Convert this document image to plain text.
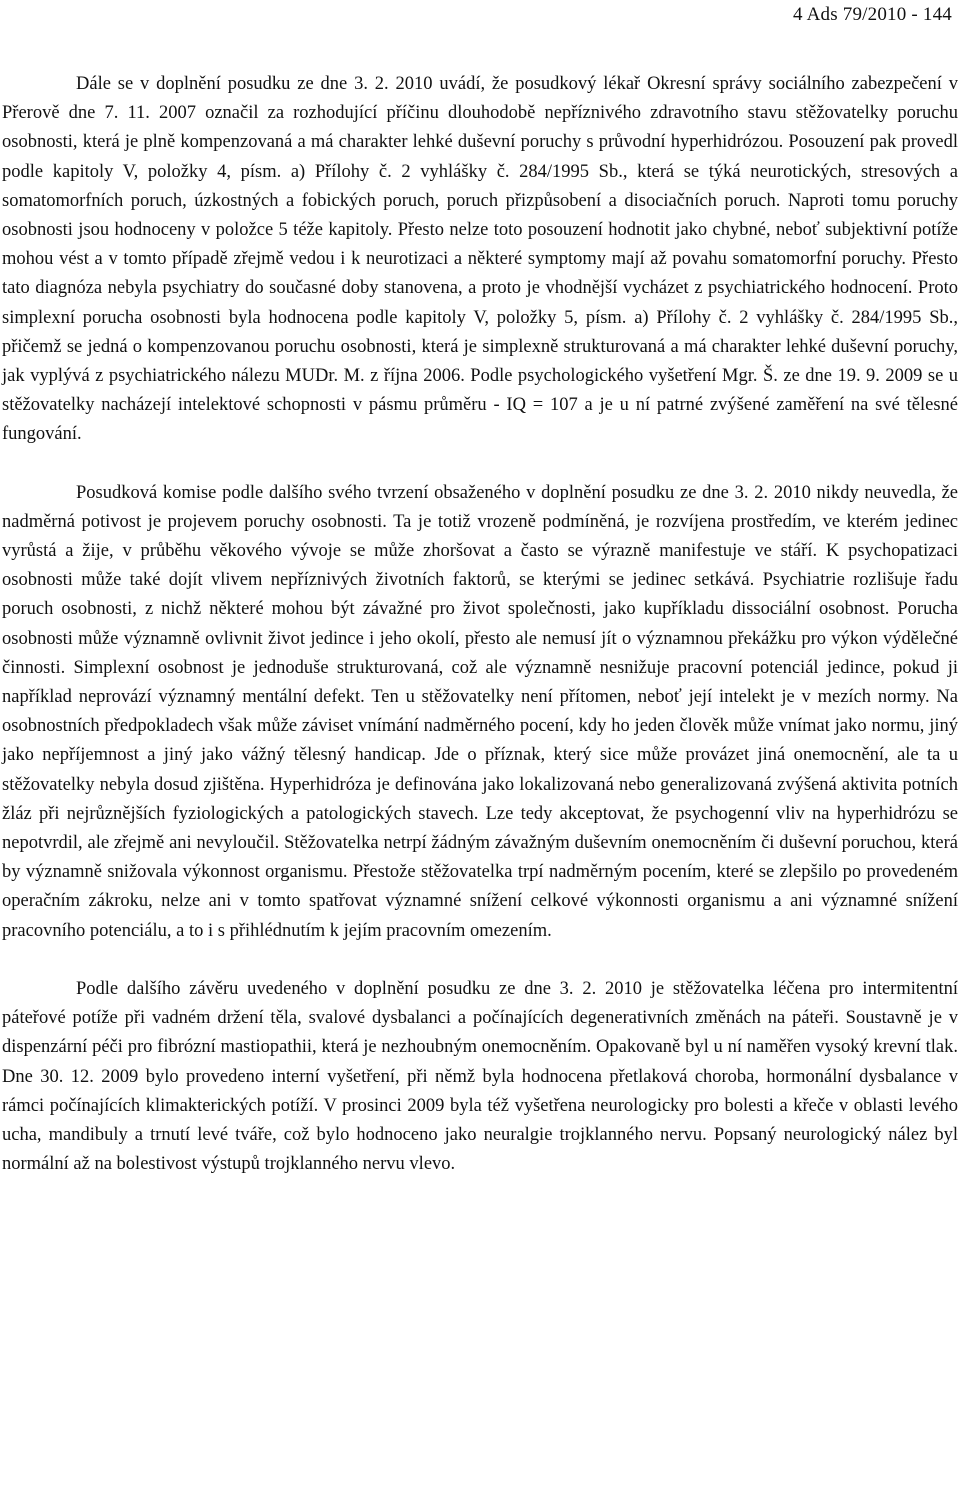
4 Ads 79/2010 - 144

Dále se v doplnění posudku ze dne 3. 2. 2010 uvádí, že posudkový lékař Okresní správy sociálního zabezpečení v Přerově dne 7. 11. 2007 označil za rozhodující příčinu dlouhodobě nepříznivého zdravotního stavu stěžovatelky poruchu osobnosti, která je plně kompenzovaná a má charakter lehké duševní poruchy s průvodní hyperhidrózou. Posouzení pak provedl podle kapitoly V, položky 4, písm. a) Přílohy č. 2 vyhlášky č. 284/1995 Sb., která se týká neurotických, stresových a somatomorfních poruch, úzkostných a fobických poruch, poruch přizpůsobení a disociačních poruch. Naproti tomu poruchy osobnosti jsou hodnoceny v položce 5 téže kapitoly. Přesto nelze toto posouzení hodnotit jako chybné, neboť subjektivní potíže mohou vést a v tomto případě zřejmě vedou i k neurotizaci a některé symptomy mají až povahu somatomorfní poruchy. Přesto tato diagnóza nebyla psychiatry do současné doby stanovena, a proto je vhodnější vycházet z psychiatrického hodnocení. Proto simplexní porucha osobnosti byla hodnocena podle kapitoly V, položky 5, písm. a) Přílohy č. 2 vyhlášky č. 284/1995 Sb., přičemž se jedná o kompenzovanou poruchu osobnosti, která je simplexně strukturovaná a má charakter lehké duševní poruchy, jak vyplývá z psychiatrického nálezu MUDr. M. z října 2006. Podle psychologického vyšetření Mgr. Š. ze dne 19. 9. 2009 se u stěžovatelky nacházejí intelektové schopnosti v pásmu průměru - IQ = 107 a je u ní patrné zvýšené zaměření na své tělesné fungování.

Posudková komise podle dalšího svého tvrzení obsaženého v doplnění posudku ze dne 3. 2. 2010 nikdy neuvedla, že nadměrná potivost je projevem poruchy osobnosti. Ta je totiž vrozeně podmíněná, je rozvíjena prostředím, ve kterém jedinec vyrůstá a žije, v průběhu věkového vývoje se může zhoršovat a často se výrazně manifestuje ve stáří. K psychopatizaci osobnosti může také dojít vlivem nepříznivých životních faktorů, se kterými se jedinec setkává. Psychiatrie rozlišuje řadu poruch osobnosti, z nichž některé mohou být závažné pro život společnosti, jako kupříkladu dissociální osobnost. Porucha osobnosti může významně ovlivnit život jedince i jeho okolí, přesto ale nemusí jít o významnou překážku pro výkon výdělečné činnosti. Simplexní osobnost je jednoduše strukturovaná, což ale významně nesnižuje pracovní potenciál jedince, pokud ji například neprovází významný mentální defekt. Ten u stěžovatelky není přítomen, neboť její intelekt je v mezích normy. Na osobnostních předpokladech však může záviset vnímání nadměrného pocení, kdy ho jeden člověk může vnímat jako normu, jiný jako nepříjemnost a jiný jako vážný tělesný handicap. Jde o příznak, který sice může provázet jiná onemocnění, ale ta u stěžovatelky nebyla dosud zjištěna. Hyperhidróza je definována jako lokalizovaná nebo generalizovaná zvýšená aktivita potních žláz při nejrůznějších fyziologických a patologických stavech. Lze tedy akceptovat, že psychogenní vliv na hyperhidrózu se nepotvrdil, ale zřejmě ani nevyloučil. Stěžovatelka netrpí žádným závažným duševním onemocněním či duševní poruchou, která by významně snižovala výkonnost organismu. Přestože stěžovatelka trpí nadměrným pocením, které se zlepšilo po provedeném operačním zákroku, nelze ani v tomto spatřovat významné snížení celkové výkonnosti organismu a ani významné snížení pracovního potenciálu, a to i s přihlédnutím k jejím pracovním omezením.

Podle dalšího závěru uvedeného v doplnění posudku ze dne 3. 2. 2010 je stěžovatelka léčena pro intermitentní páteřové potíže při vadném držení těla, svalové dysbalanci a počínajících degenerativních změnách na páteři. Soustavně je v dispenzární péči pro fibrózní mastiopathii, která je nezhoubným onemocněním. Opakovaně byl u ní naměřen vysoký krevní tlak. Dne 30. 12. 2009 bylo provedeno interní vyšetření, při němž byla hodnocena přetlaková choroba, hormonální dysbalance v rámci počínajících klimakterických potíží. V prosinci 2009 byla též vyšetřena neurologicky pro bolesti a křeče v oblasti levého ucha, mandibuly a trnutí levé tváře, což bylo hodnoceno jako neuralgie trojklanného nervu. Popsaný neurologický nález byl normální až na bolestivost výstupů trojklanného nervu vlevo.
